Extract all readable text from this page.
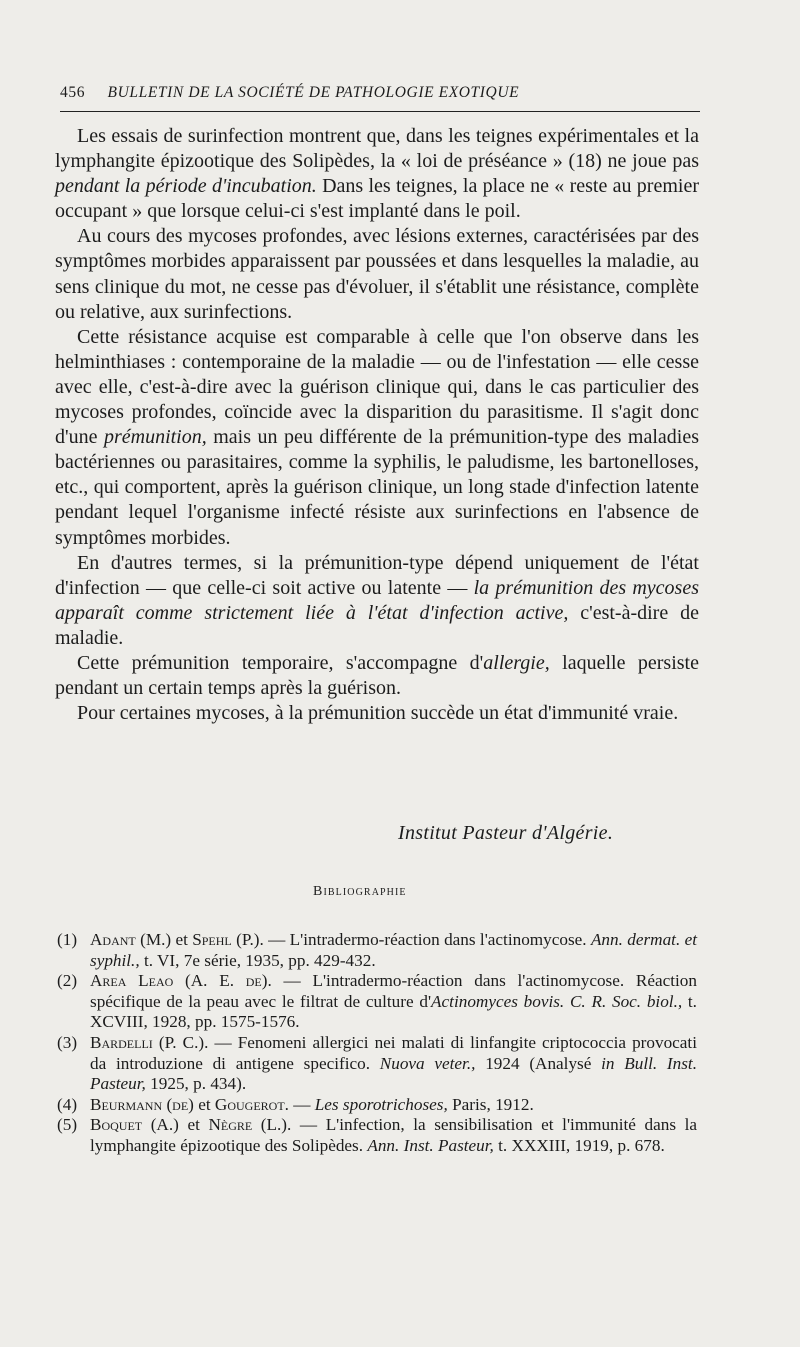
456 BULLETIN DE LA SOCIÉTÉ DE PATHOLOGIE EXOTIQUE

Les essais de surinfection montrent que, dans les teignes expérimentales et la lymphangite épizootique des Solipèdes, la « loi de préséance » (18) ne joue pas pendant la période d'incubation. Dans les teignes, la place ne « reste au premier occupant » que lorsque celui-ci s'est implanté dans le poil.

Au cours des mycoses profondes, avec lésions externes, caractérisées par des symptômes morbides apparaissent par poussées et dans lesquelles la maladie, au sens clinique du mot, ne cesse pas d'évoluer, il s'établit une résistance, complète ou relative, aux surinfections.

Cette résistance acquise est comparable à celle que l'on observe dans les helminthiases : contemporaine de la maladie — ou de l'infestation — elle cesse avec elle, c'est-à-dire avec la guérison clinique qui, dans le cas particulier des mycoses profondes, coïncide avec la disparition du parasitisme. Il s'agit donc d'une prémunition, mais un peu différente de la prémunition-type des maladies bactériennes ou parasitaires, comme la syphilis, le paludisme, les bartonelloses, etc., qui comportent, après la guérison clinique, un long stade d'infection latente pendant lequel l'organisme infecté résiste aux surinfections en l'absence de symptômes morbides.

En d'autres termes, si la prémunition-type dépend uniquement de l'état d'infection — que celle-ci soit active ou latente — la prémunition des mycoses apparaît comme strictement liée à l'état d'infection active, c'est-à-dire de maladie.

Cette prémunition temporaire, s'accompagne d'allergie, laquelle persiste pendant un certain temps après la guérison.

Pour certaines mycoses, à la prémunition succède un état d'immunité vraie.

Institut Pasteur d'Algérie.
Bibliographie
(1) Adant (M.) et Spehl (P.). — L'intradermo-réaction dans l'actinomycose. Ann. dermat. et syphil., t. VI, 7e série, 1935, pp. 429-432.
(2) Area Leao (A. E. de). — L'intradermo-réaction dans l'actinomycose. Réaction spécifique de la peau avec le filtrat de culture d'Actinomyces bovis. C. R. Soc. biol., t. XCVIII, 1928, pp. 1575-1576.
(3) Bardelli (P. C.). — Fenomeni allergici nei malati di linfangite criptococcia provocati da introduzione di antigene specifico. Nuova veter., 1924 (Analysé in Bull. Inst. Pasteur, 1925, p. 434).
(4) Beurmann (de) et Gougerot. — Les sporotrichoses, Paris, 1912.
(5) Boquet (A.) et Nègre (L.). — L'infection, la sensibilisation et l'immunité dans la lymphangite épizootique des Solipèdes. Ann. Inst. Pasteur, t. XXXIII, 1919, p. 678.
